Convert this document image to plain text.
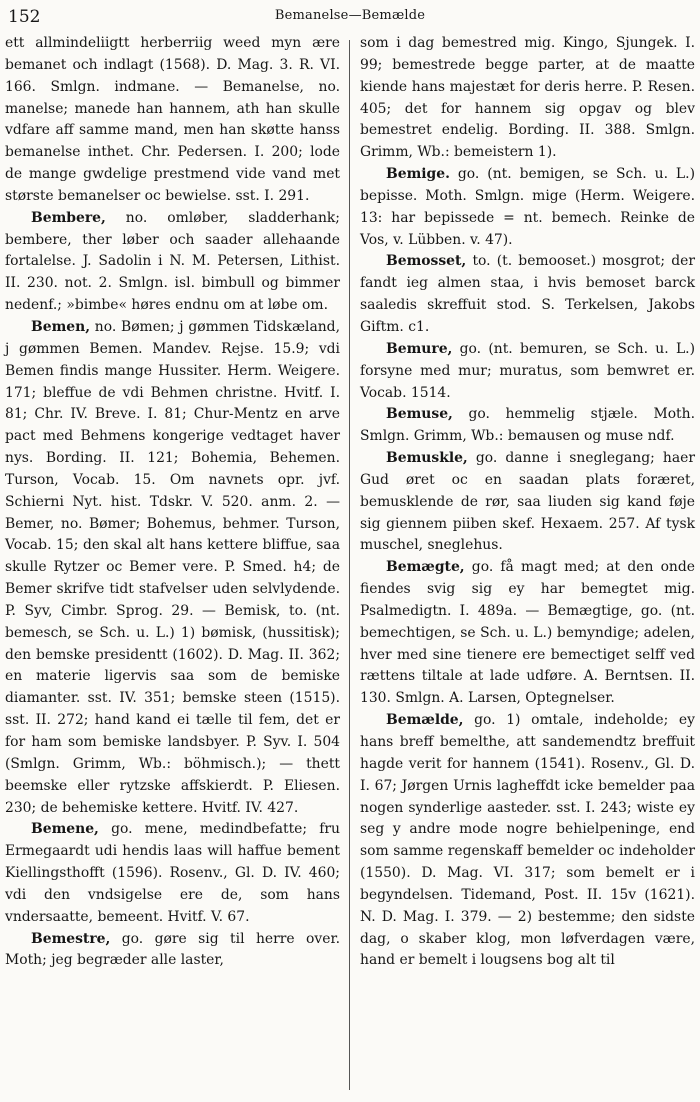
152	Bemanelse—Bemælde

ett allmindeliigtt herberriig weed myn ære bemanet och indlagt (1568). D. Mag. 3. R. VI. 166. Smlgn. indmane. — Bemanelse, no. manelse; manede han hannem, ath han skulle vdfare aff samme mand, men han skøtte hanss bemanelse inthet. Chr. Pedersen. I. 200; lode de mange gwdelige prestmend vide vand met største bemanelser oc bewielse. sst. I. 291.

Bembere, no. omløber, sladderhank; bembere, ther løber och saader allehaande fortalelse. J. Sadolin i N. M. Petersen, Lithist. II. 230. not. 2. Smlgn. isl. bimbull og bimmer nedenf.; »bimbe« høres endnu om at løbe om.

Bemen, no. Bømen; j gømmen Tidskæland, j gømmen Bemen. Mandev. Rejse. 15.9; vdi Bemen findis mange Hussiter. Herm. Weigere. 171; bleffue de vdi Behmen christne. Hvitf. I. 81; Chr. IV. Breve. I. 81; Chur-Mentz en arve pact med Behmens kongerige vedtaget haver nys. Bording. II. 121; Bohemia, Behemen. Turson, Vocab. 15. Om navnets opr. jvf. Schierni Nyt. hist. Tdskr. V. 520. anm. 2. — Bemer, no. Bømer; Bohemus, behmer. Turson, Vocab. 15; den skal alt hans kettere bliffue, saa skulle Rytzer oc Bemer vere. P. Smed. h4; de Bemer skrifve tidt stafvelser uden selvlydende. P. Syv, Cimbr. Sprog. 29. — Bemisk, to. (nt. bemesch, se Sch. u. L.) 1) bømisk, (hussitisk); den bemske presidentt (1602). D. Mag. II. 362; en materie ligervis saa som de bemiske diamanter. sst. IV. 351; bemske steen (1515). sst. II. 272; hand kand ei tælle til fem, det er for ham som bemiske landsbyer. P. Syv. I. 504 (Smlgn. Grimm, Wb.: böhmisch.); — thett beemske eller rytzske affskierdt. P. Eliesen. 230; de behemiske kettere. Hvitf. IV. 427.

Bemene, go. mene, medindbefatte; fru Ermegaardt udi hendis laas will haffue bement Kiellingsthofft (1596). Rosenv., Gl. D. IV. 460; vdi den vndsigelse ere de, som hans vndersaatte, bemeent. Hvitf. V. 67.

Bemestre, go. gøre sig til herre over. Moth; jeg begræder alle laster,

som i dag bemestred mig. Kingo, Sjungek. I. 99; bemestrede begge parter, at de maatte kiende hans majestæt for deris herre. P. Resen. 405; det for hannem sig opgav og blev bemestret endelig. Bording. II. 388. Smlgn. Grimm, Wb.: bemeistern 1).

Bemige. go. (nt. bemigen, se Sch. u. L.) bepisse. Moth. Smlgn. mige (Herm. Weigere. 13: har bepissede = nt. bemech. Reinke de Vos, v. Lübben. v. 47).

Bemosset, to. (t. bemooset.) mosgrot; der fandt ieg almen staa, i hvis bemoset barck saaledis skreffuit stod. S. Terkelsen, Jakobs Giftm. c1.

Bemure, go. (nt. bemuren, se Sch. u. L.) forsyne med mur; muratus, som bemwret er. Vocab. 1514.

Bemuse, go. hemmelig stjæle. Moth. Smlgn. Grimm, Wb.: bemausen og muse ndf.

Bemuskle, go. danne i sneglegang; haer Gud øret oc en saadan plats foræret, bemusklende de rør, saa liuden sig kand føje sig giennem piiben skef. Hexaem. 257. Af tysk muschel, sneglehus.

Bemægte, go. få magt med; at den onde fiendes svig sig ey har bemegtet mig. Psalmedigtn. I. 489a. — Bemægtige, go. (nt. bemechtigen, se Sch. u. L.) bemyndige; adelen, hver med sine tienere ere bemectiget selff ved rættens tiltale at lade udføre. A. Berntsen. II. 130. Smlgn. A. Larsen, Optegnelser.

Bemælde, go. 1) omtale, indeholde; ey hans breff bemelthe, att sandemendtz breffuit hagde verit for hannem (1541). Rosenv., Gl. D. I. 67; Jørgen Urnis lagheffdt icke bemelder paa nogen synderlige aasteder. sst. I. 243; wiste ey seg y andre mode nogre behielpeninge, end som samme regenskaff bemelder oc indeholder (1550). D. Mag. VI. 317; som bemelt er i begyndelsen. Tidemand, Post. II. 15v (1621). N. D. Mag. I. 379. — 2) bestemme; den sidste dag, o skaber klog, mon løfverdagen være, hand er bemelt i lougsens bog alt til
